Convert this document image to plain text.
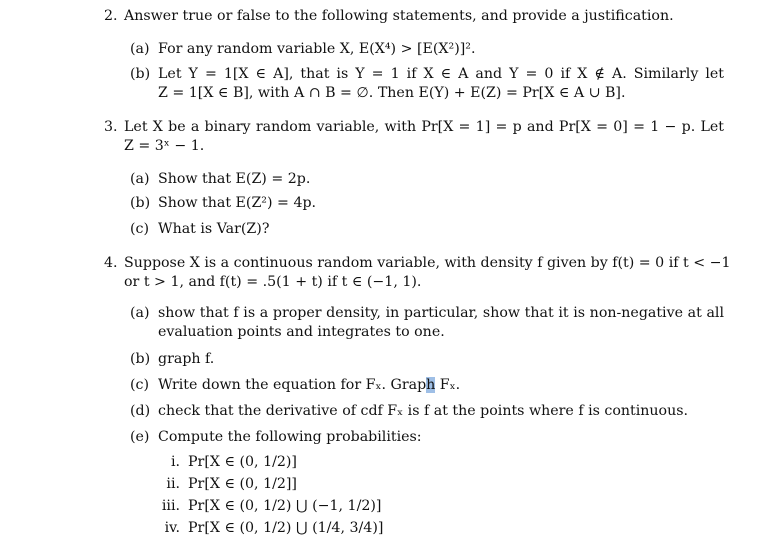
2. Answer true or false to the following statements, and provide a justification.
(a) For any random variable X, E(X⁴) > [E(X²)]².
(b) Let Y = 1[X ∈ A], that is Y = 1 if X ∈ A and Y = 0 if X ∉ A. Similarly let
Z = 1[X ∈ B], with A ∩ B = ∅. Then E(Y) + E(Z) = Pr[X ∈ A ∪ B].
3. Let X be a binary random variable, with Pr[X = 1] = p and Pr[X = 0] = 1 − p. Let
Z = 3ˣ − 1.
(a) Show that E(Z) = 2p.
(b) Show that E(Z²) = 4p.
(c) What is Var(Z)?
4. Suppose X is a continuous random variable, with density f given by f(t) = 0 if t < −1
or t > 1, and f(t) = .5(1 + t) if t ∈ (−1, 1).
(a) show that f is a proper density, in particular, show that it is non-negative at all
evaluation points and integrates to one.
(b) graph f.
(c) Write down the equation for Fₓ. Graph Fₓ.
(d) check that the derivative of cdf Fₓ is f at the points where f is continuous.
(e) Compute the following probabilities:
i. Pr[X ∈ (0, 1/2)]
ii. Pr[X ∈ (0, 1/2]]
iii. Pr[X ∈ (0, 1/2) ⋃ (−1, 1/2)]
iv. Pr[X ∈ (0, 1/2) ⋃ (1/4, 3/4)]
